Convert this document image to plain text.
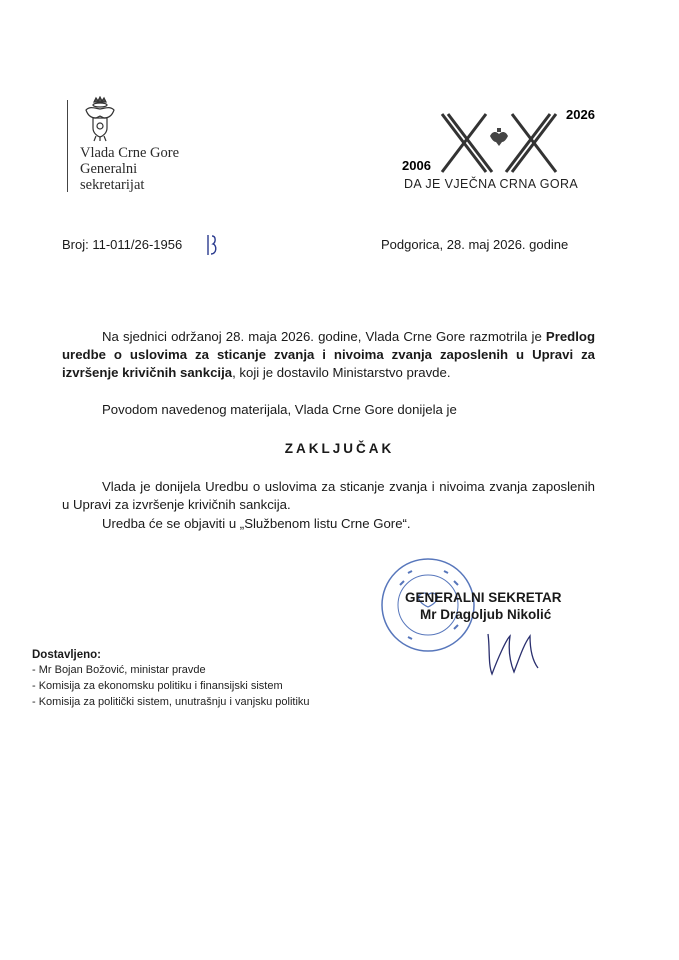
Vlada Crne Gore
Generalni
sekretarijat
2026
2006
DA JE VJEČNA CRNA GORA
Broj: 11-011/26-1956	Podgorica, 28. maj 2026. godine
Na sjednici održanoj 28. maja 2026. godine, Vlada Crne Gore razmotrila je Predlog uredbe o uslovima za sticanje zvanja i nivoima zvanja zaposlenih u Upravi za izvršenje krivičnih sankcija, koji je dostavilo Ministarstvo pravde.
Povodom navedenog materijala, Vlada Crne Gore donijela je
ZAKLJUČAK
Vlada je donijela Uredbu o uslovima za sticanje zvanja i nivoima zvanja zaposlenih u Upravi za izvršenje krivičnih sankcija.
Uredba će se objaviti u „Službenom listu Crne Gore“.
GENERALNI SEKRETAR
Mr Dragoljub Nikolić
Dostavljeno:
- Mr Bojan Božović, ministar pravde
- Komisija za ekonomsku politiku i finansijski sistem
- Komisija za politički sistem, unutrašnju i vanjsku politiku
